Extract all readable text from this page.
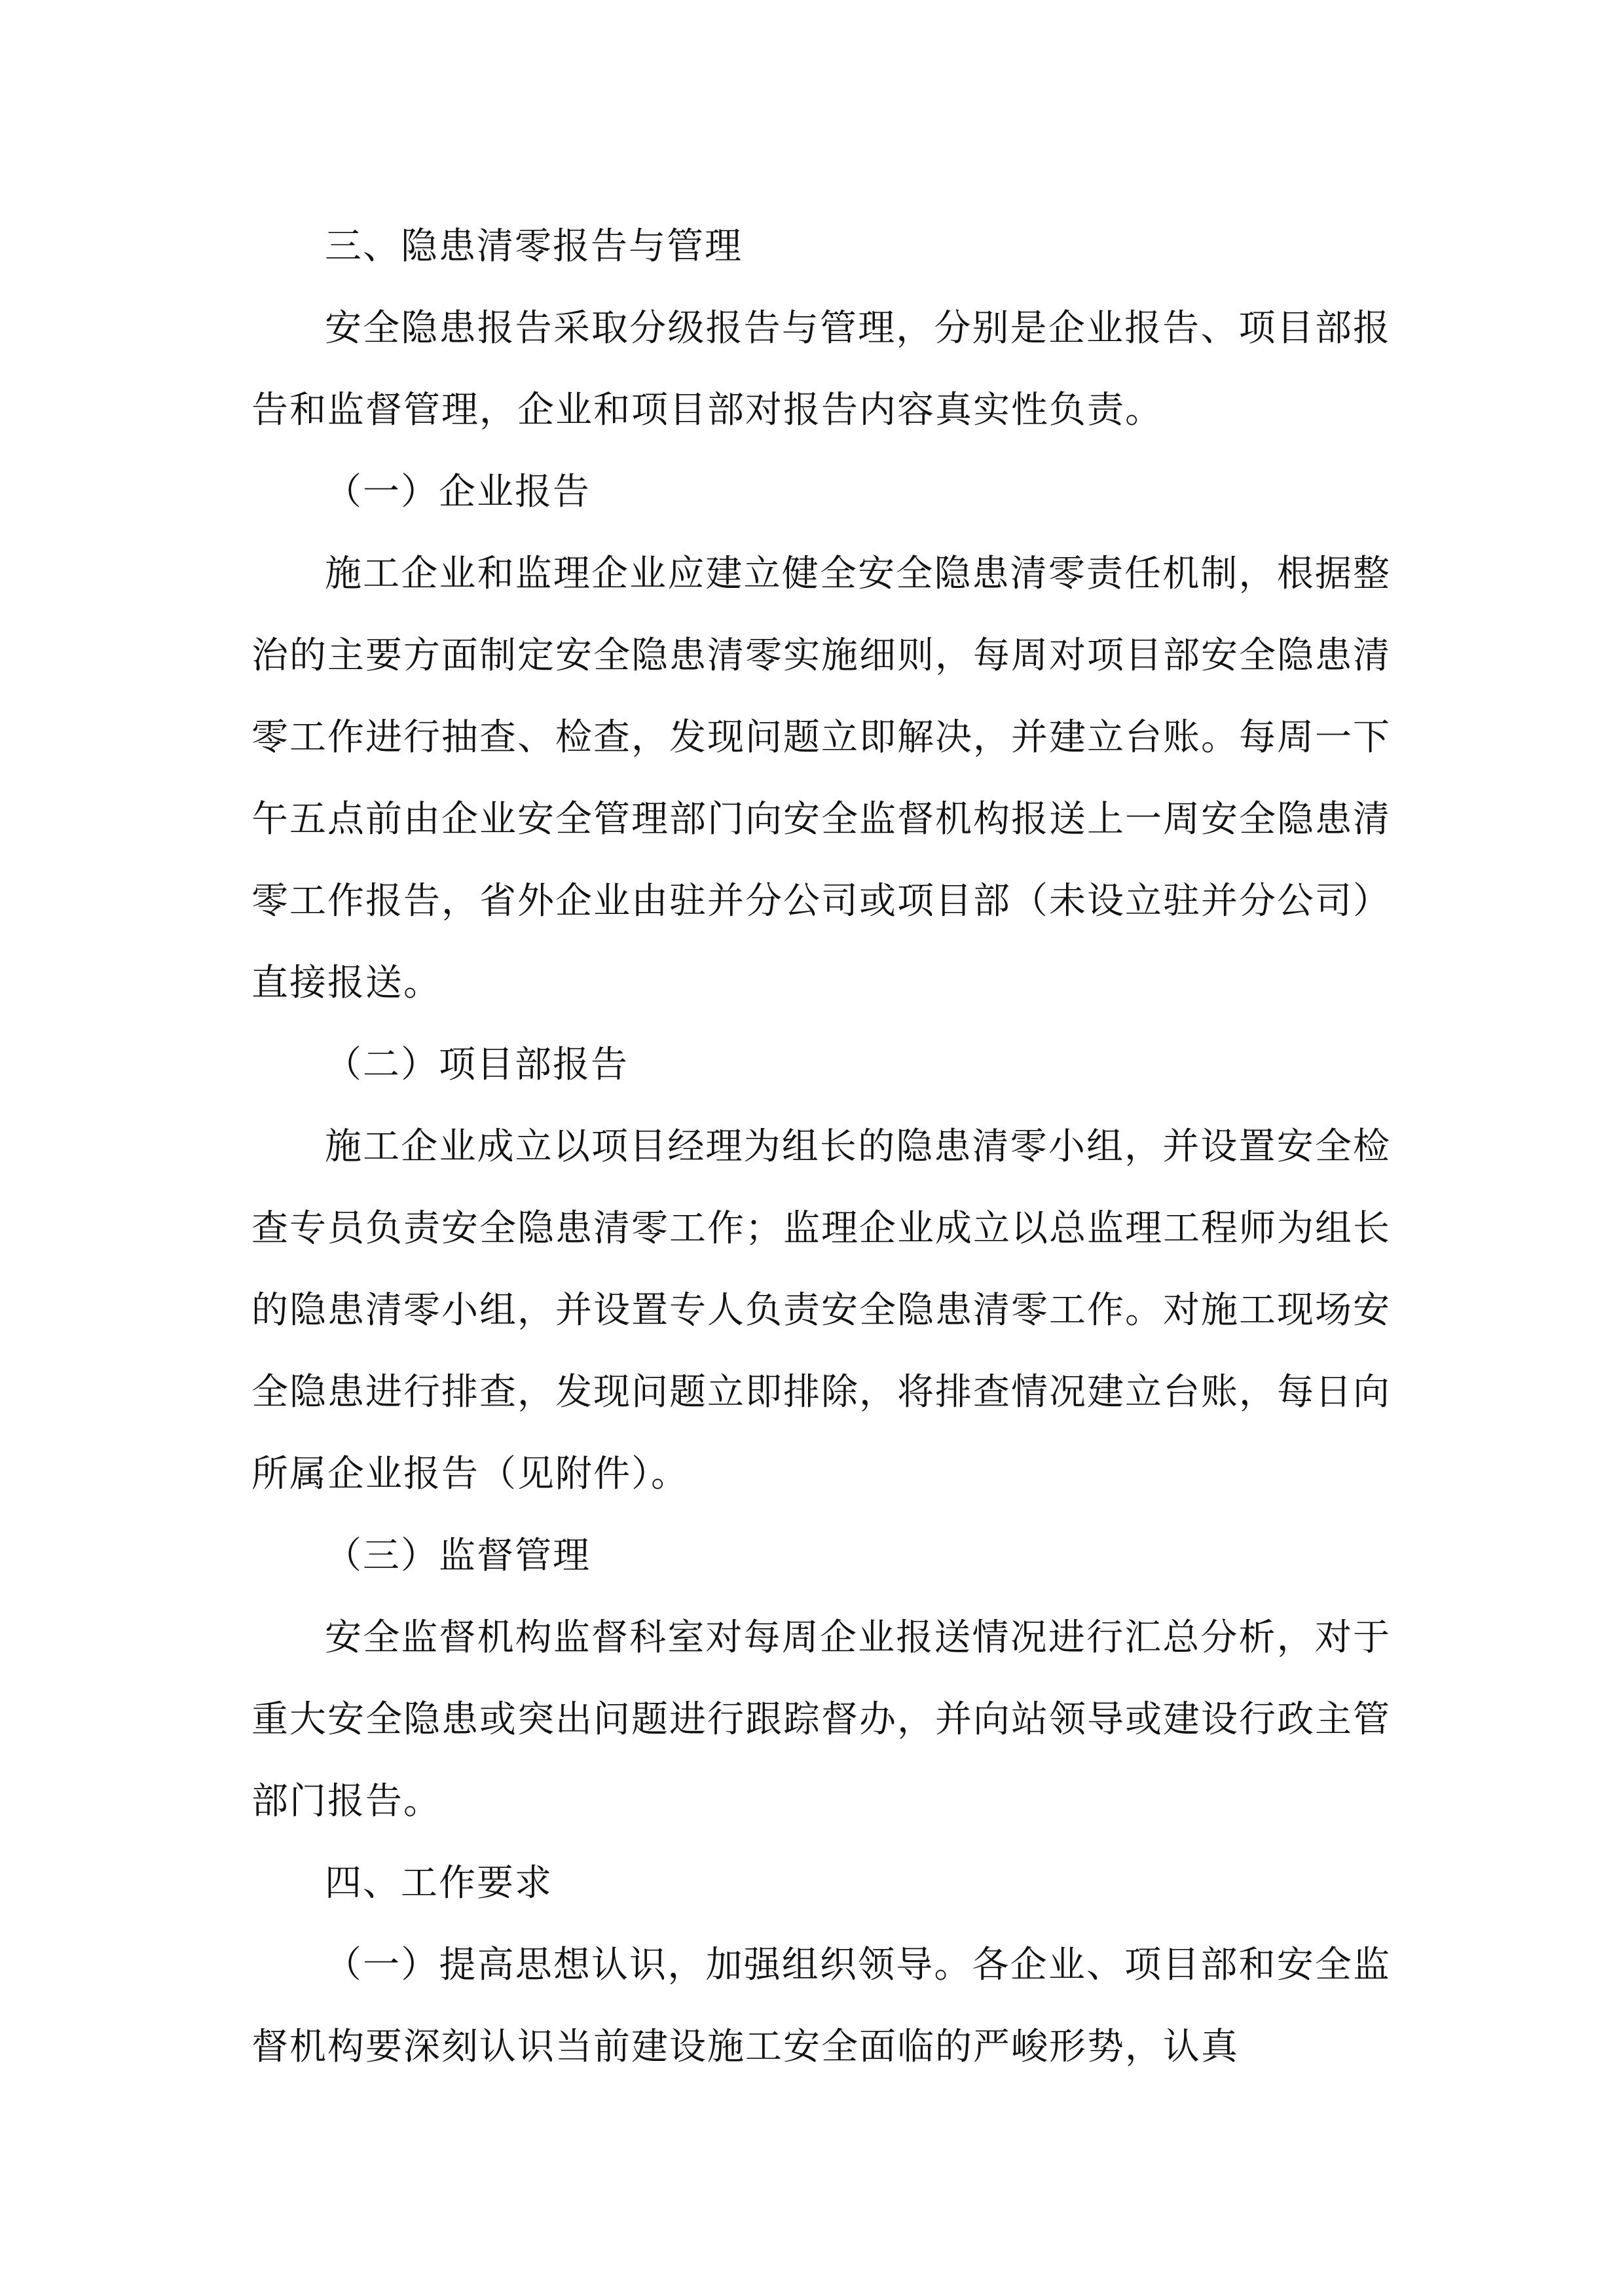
三、隐患清零报告与管理

安全隐患报告采取分级报告与管理，分别是企业报告、项目部报告和监督管理，企业和项目部对报告内容真实性负责。

（一）企业报告

施工企业和监理企业应建立健全安全隐患清零责任机制，根据整治的主要方面制定安全隐患清零实施细则，每周对项目部安全隐患清零工作进行抽查、检查，发现问题立即解决，并建立台账。每周一下午五点前由企业安全管理部门向安全监督机构报送上一周安全隐患清零工作报告，省外企业由驻并分公司或项目部（未设立驻并分公司）直接报送。

（二）项目部报告

施工企业成立以项目经理为组长的隐患清零小组，并设置安全检查专员负责安全隐患清零工作；监理企业成立以总监理工程师为组长的隐患清零小组，并设置专人负责安全隐患清零工作。对施工现场安全隐患进行排查，发现问题立即排除，将排查情况建立台账，每日向所属企业报告（见附件）。

（三）监督管理

安全监督机构监督科室对每周企业报送情况进行汇总分析，对于重大安全隐患或突出问题进行跟踪督办，并向站领导或建设行政主管部门报告。

四、工作要求

（一）提高思想认识，加强组织领导。各企业、项目部和安全监督机构要深刻认识当前建设施工安全面临的严峻形势，认真
